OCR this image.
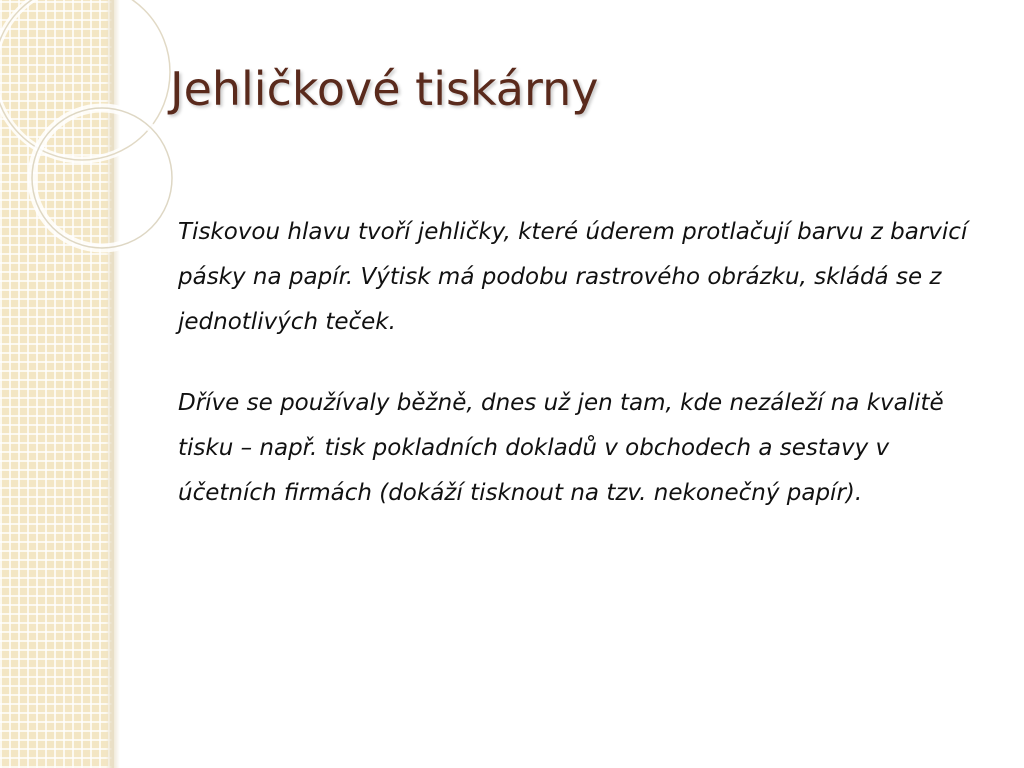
Jehličkové tiskárny

Tiskovou hlavu tvoří jehličky, které úderem protlačují barvu z barvicí pásky na papír. Výtisk má podobu rastrového obrázku, skládá se z jednotlivých teček.

Dříve se používaly běžně, dnes už jen tam, kde nezáleží na kvalitě tisku – např. tisk pokladních dokladů v obchodech a sestavy v účetních firmách (dokáží tisknout na tzv. nekonečný papír).
